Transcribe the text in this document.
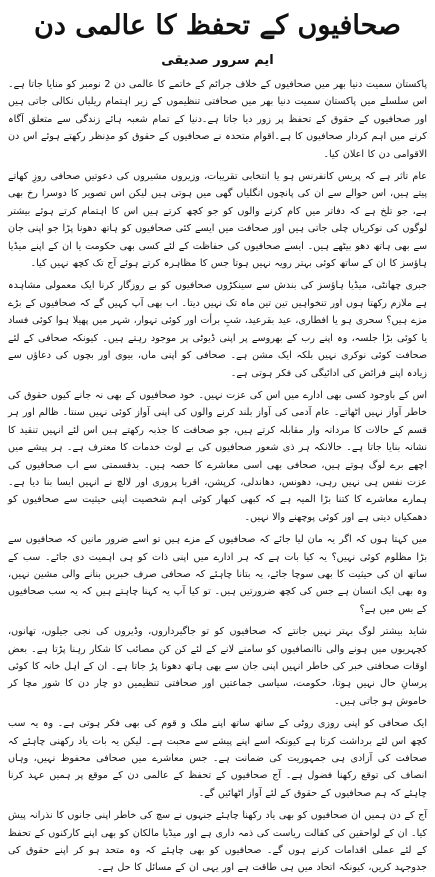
صحافیوں کے تحفظ کا عالمی دن
ایم سرور صدیقی

پاکستان سمیت دنیا بھر میں صحافیوں کے خلاف جرائم کے خاتمے کا عالمی دن 2 نومبر کو منایا جاتا ہے۔اس سلسلے میں پاکستان سمیت دنیا بھر میں صحافتی تنظیموں کے زیر اہتمام ریلیاں نکالی جاتی ہیں اور صحافیوں کے حقوق کے تحفظ پر زور دیا جاتا ہے۔دنیا کے تمام شعبہ ہائے زندگی سے متعلق آگاہ کرنے میں اہم کردار صحافیوں کا ہے۔اقوام متحدہ نے صحافیوں کے حقوق کو مدِنظر رکھتے ہوئے اس دن الاقوامی دن کا اعلان کیا۔

عام تاثر ہے کہ پریس کانفرنس ہو یا انتخابی تقریبات، وزیروں مشیروں کی دعوتیں صحافی روزِ کھاتے پیتے ہیں، اس حوالے سے ان کی پانچوں انگلیاں گھی میں ہوتی ہیں لیکن اس تصویر کا دوسرا رخ بھی ہے، جو تلخ ہے کہ دفاتر میں کام کرنے والوں کو جو کچھ کرتے ہیں اس کا اہتمام کرتے ہوئے بیشتر لوگوں کی نوکریاں چلی جاتی ہیں اور صحافت میں ایسے کئی صحافیوں کو ہاتھ دھونا پڑا جو اپنی جان سے بھی ہاتھ دھو بیٹھے ہیں۔ ایسے صحافیوں کی حفاظت کے لئے کسی بھی حکومت یا ان کے اپنے میڈیا ہاؤسز کا ان کے ساتھ کوئی بہتر رویہ نہیں ہوتا جس کا مظاہرہ کرتے ہوئے آج تک کچھ نہیں کیا۔

جبری چھانٹی، میڈیا ہاؤسز کی بندش سے سینکڑوں صحافیوں کو بے روزگار کرنا ایک معمولی مشاہدہ ہے ملازم رکھتا ہوں اور تنخواہیں تین تین ماہ تک نہیں دیتا۔ اب بھی آپ کہیں گے کہ صحافیوں کے بڑے مزے ہیں؟ سحری ہو یا افطاری، عید بقرعید، شبِ برأت اور کوئی تہوار، شہر میں پھیلا ہوا کوئی فساد یا کوئی بڑا جلسہ، وہ اپنے رب کے بھروسے پر اپنی ڈیوٹی پر موجود رہتے ہیں۔ کیونکہ صحافی کے لئے صحافت کوئی نوکری نہیں بلکہ ایک مشن ہے۔ صحافی کو اپنی ماں، بیوی اور بچوں کی دعاؤں سے زیادہ اپنے فرائض کی ادائیگی کی فکر ہوتی ہے۔

اس کے باوجود کسی بھی ادارے میں اس کی عزت نہیں۔ خود صحافیوں کے بھی نہ جانے کیوں حقوق کی خاطر آواز نہیں اٹھاتے۔ عام آدمی کی آواز بلند کرنے والوں کی اپنی آواز کوئی نہیں سنتا۔ ظالم اور ہر قسم کے حالات کا مردانہ وار مقابلہ کرتے ہیں، جو صحافت کا جذبہ رکھتے ہیں اس لئے انہیں تنقید کا نشانہ بنایا جاتا ہے۔ حالانکہ ہر ذی شعور صحافیوں کی بے لوث خدمات کا معترف ہے۔ ہر پیشے میں اچھے برے لوگ ہوتے ہیں، صحافی بھی اسی معاشرے کا حصہ ہیں۔ بدقسمتی سے اب صحافیوں کی عزت نفس ہی نہیں رہی، دھونس، دھاندلی، کرپشن، اقربا پروری اور لالچ نے انہیں ایسا بنا دیا ہے۔ ہمارے معاشرے کا کتنا بڑا المیہ ہے کہ کبھی کبھار کوئی اہم شخصیت اپنی حیثیت سے صحافیوں کو دھمکیاں دیتی ہے اور کوئی پوچھنے والا نہیں۔

میں کہتا ہوں کہ اگر یہ مان لیا جائے کہ صحافیوں کے مزے ہیں تو اسے ضرور مانیں کہ صحافیوں سے بڑا مظلوم کوئی نہیں؟ یہ کیا بات ہے کہ ہر ادارے میں اپنی ذات کو ہی اہمیت دی جائے۔ سب کے ساتھ ان کی حیثیت کا بھی سوچا جائے، یہ بتانا چاہئے کہ صحافی صرف خبریں بنانے والی مشین نہیں، وہ بھی ایک انسان ہے جس کی کچھ ضرورتیں ہیں۔ تو کیا آپ یہ کہنا چاہتے ہیں کہ یہ سب صحافیوں کے بس میں ہے؟

شاید بیشتر لوگ بہتر نہیں جانتے کہ صحافیوں کو تو جاگیرداروں، وڈیروں کی نجی جیلوں، تھانوں، کچہریوں میں ہونے والی ناانصافیوں کو سامنے لانے کے لئے کن کن مصائب کا شکار رہنا پڑتا ہے۔ بعض اوقات صحافتی خبر کی خاطر انہیں اپنی جان سے بھی ہاتھ دھونا پڑ جاتا ہے۔ ان کے اہل خانہ کا کوئی پرسانِ حال نہیں ہوتا، حکومت، سیاسی جماعتیں اور صحافتی تنظیمیں دو چار دن کا شور مچا کر خاموش ہو جاتی ہیں۔

ایک صحافی کو اپنی روزی روٹی کے ساتھ ساتھ اپنے ملک و قوم کی بھی فکر ہوتی ہے۔ وہ یہ سب کچھ اس لئے برداشت کرتا ہے کیونکہ اسے اپنے پیشے سے محبت ہے۔ لیکن یہ بات یاد رکھنی چاہئے کہ صحافت کی آزادی ہی جمہوریت کی ضمانت ہے۔ جس معاشرے میں صحافی محفوظ نہیں، وہاں انصاف کی توقع رکھنا فضول ہے۔ آج صحافیوں کے تحفظ کے عالمی دن کے موقع پر ہمیں عہد کرنا چاہئے کہ ہم صحافیوں کے حقوق کے لئے آواز اٹھائیں گے۔

آج کے دن ہمیں ان صحافیوں کو بھی یاد رکھنا چاہئے جنہوں نے سچ کی خاطر اپنی جانوں کا نذرانہ پیش کیا۔ ان کے لواحقین کی کفالت ریاست کی ذمہ داری ہے اور میڈیا مالکان کو بھی اپنے کارکنوں کے تحفظ کے لئے عملی اقدامات کرنے ہوں گے۔ صحافیوں کو بھی چاہئے کہ وہ متحد ہو کر اپنے حقوق کی جدوجہد کریں، کیونکہ اتحاد میں ہی طاقت ہے اور یہی ان کے مسائل کا حل ہے۔
